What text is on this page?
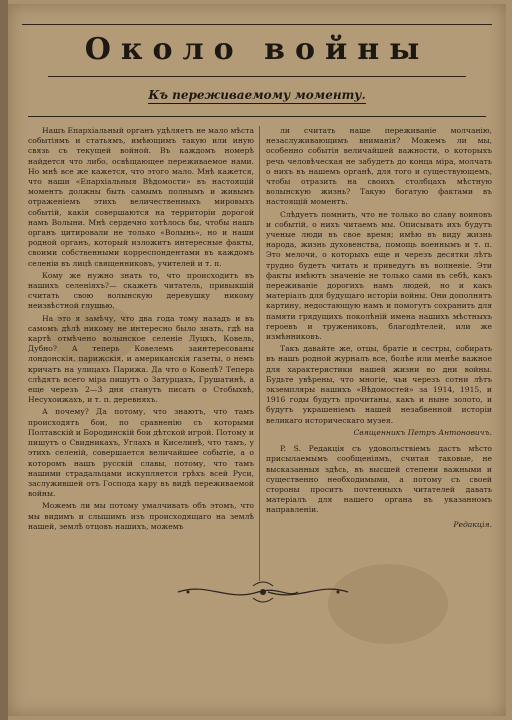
Около войны
Къ переживаемому моменту.

Нашъ Епархіальный органъ удѣляетъ не мало мѣста событіямъ и статьямъ, имѣющимъ такую или иную связь съ текущей войной. Въ каждомъ номерѣ найдется что либо, освѣщающее переживаемое нами. Но мнѣ все же кажется, что этого мало. Мнѣ кажется, что наши «Епархіальныя Вѣдомости» въ настоящій моментъ должны быть самымъ полнымъ и живымъ отраженіемъ этихъ величественныхъ мировыхъ событій, какія совершаются на территоріи дорогой намъ Волыни. Мнѣ сердечно хотѣлось бы, чтобы нашъ органъ цитировали не только «Волынь», но и наши родной органъ, который изложитъ интересные факты, своими собственными корреспондентами въ каждомъ селеніи въ лицѣ священниковъ, учителей и т. п.

Кому же нужно знать то, что происходитъ въ нашихъ селеніяхъ?— скажетъ читатель, привыкшій считать свою волынскую деревушку никому неизвѣстной глушью.

На это я замѣчу, что два года тому назадъ и въ самомъ дѣлѣ никому не интересно было знать, гдѣ на картѣ отмѣчено волынское селеніе Луцкъ, Ковель, Дубно? А теперь Ковелемъ заинтересованы лондонскія, парижскія, и американскія газеты, о немъ кричатъ на улицахъ Парижа. Да что о Ковелѣ? Теперь слѣдятъ всего міра пишутъ о Затурцахъ, Грушатинѣ, а еще черезъ 2—3 дня станутъ писать о Стобыхвѣ, Несухоижахъ, и т. п. деревняхъ.

А почему? Да потому, что знаютъ, что тамъ происходятъ бои, по сравненію съ которыми Полтавскій и Бородинскій бои дѣтской игрой. Потому и пишутъ о Свидникахъ, Углахъ и Киселинѣ, что тамъ, у этихъ селеній, совершается величайшее событіе, а о которомъ нашъ русскій славы, потому, что тамъ нашими страдальцами искупляется грѣхъ всей Руси, заслужившей отъ Господа кару въ видѣ переживаемой войны.

Можемъ ли мы потому умалчивать объ этомъ, что мы видимъ и слышимъ изъ происходящаго на землѣ нашей, землѣ отцовъ нашихъ, можемъ

ли считать наше переживаніе молчанію, незаслуживающимъ вниманія? Можемъ ли мы, особенно событія величайшей важности, о которыхъ речь человѣческая не забудетъ до конца міра, молчать о нихъ въ нашемъ органѣ, для того и существующемъ, чтобы отразить на своихъ столбцахъ мѣстную волынскую жизнь? Такую богатую фактами въ настоящій моментъ.

Слѣдуетъ помнить, что не только во славу воиновъ и событій, о нихъ читаемъ мы. Описывать ихъ будутъ ученые люди въ свое время; имѣю въ виду жизнь народа, жизнь духовенства, помощь военнымъ и т. п. Это мелочи, о которыхъ еще и черезъ десятки лѣтъ трудно будетъ читать и приведутъ въ волненіе. Эти факты имѣютъ значеніе не только сами въ себѣ, какъ переживаніе дорогихъ намъ людей, но и какъ матеріалъ для будущаго исторіи войны. Они дополнятъ картину, недостающую намъ и помогутъ сохранить для памяти грядущихъ поколѣній имена нашихъ мѣстныхъ героевъ и тружениковъ, благодѣтелей, или же измѣнниковъ.

Такъ давайте же, отцы, братіе и сестры, собирать въ нашъ родной журналъ все, болѣе или менѣе важное для характеристики нашей жизни во дни войны. Будьте увѣрены, что многіе, чьи черезъ сотни лѣтъ экземпляры нашихъ «Вѣдомостей» за 1914, 1915, и 1916 годы будутъ прочитаны, какъ и ныне золото, и будутъ украшеніемъ нашей незабвенной исторіи великаго историческаго музея.

Священникъ Петръ Антоновичъ.

P. S. Редакція съ удовольствіемъ дастъ мѣсто присылаемымъ сообщеніямъ, считая таковые, не высказанныя здѣсь, въ высшей степени важными и существенно необходимыми, а потому съ своей стороны проситъ почтенныхъ читателей давать матеріалъ для нашего органа въ указанномъ направленіи.

Редакція.
